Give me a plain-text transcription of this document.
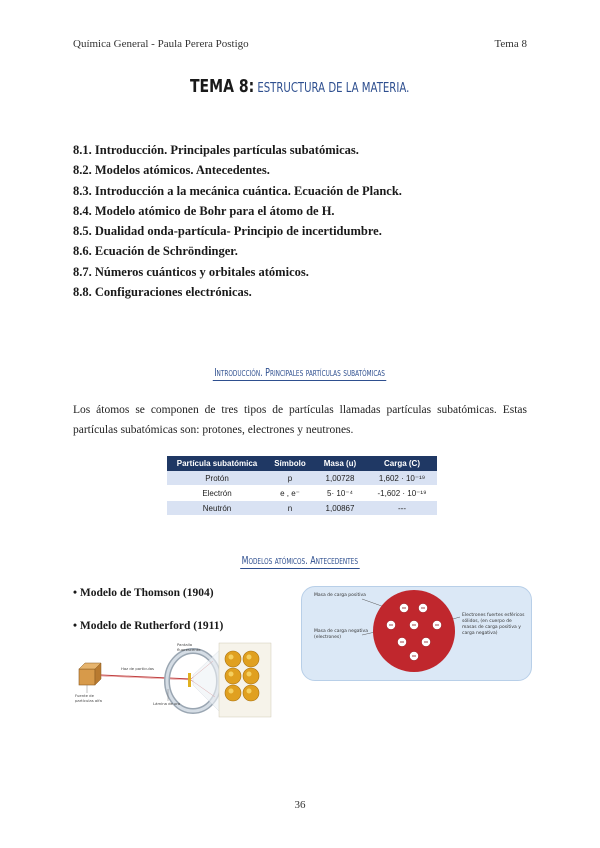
Química General - Paula Perera Postigo	Tema 8
TEMA 8: ESTRUCTURA DE LA MATERIA.
8.1. Introducción. Principales partículas subatómicas.
8.2. Modelos atómicos. Antecedentes.
8.3. Introducción a la mecánica cuántica. Ecuación de Planck.
8.4. Modelo atómico de Bohr para el átomo de H.
8.5. Dualidad onda-partícula- Principio de incertidumbre.
8.6. Ecuación de Schröndinger.
8.7. Números cuánticos y orbitales atómicos.
8.8. Configuraciones electrónicas.
Introducción. Principales partículas subatómicas
Los átomos se componen de tres tipos de partículas llamadas partículas subatómicas. Estas partículas subatómicas son: protones, electrones y neutrones.
Partícula subatómica	Símbolo	Masa (u)	Carga (C)
Protón	p	1,00728	1,602 · 10⁻¹⁹
Electrón	e , e⁻	5· 10⁻⁴	-1,602 · 10⁻¹⁹
Neutrón	n	1,00867	---
Modelos atómicos. Antecedentes
• Modelo de Thomson (1904)
• Modelo de Rutherford (1911)
Masa de carga positiva
Masa de carga negativa (electrones)
Electrones fuertes esféricos sólidos, (en cuerpo de masas de carga positiva y carga negativa)
Fuente de partículas alfa
Haz de partículas
Lámina de oro
Pantalla fluorescente
36
